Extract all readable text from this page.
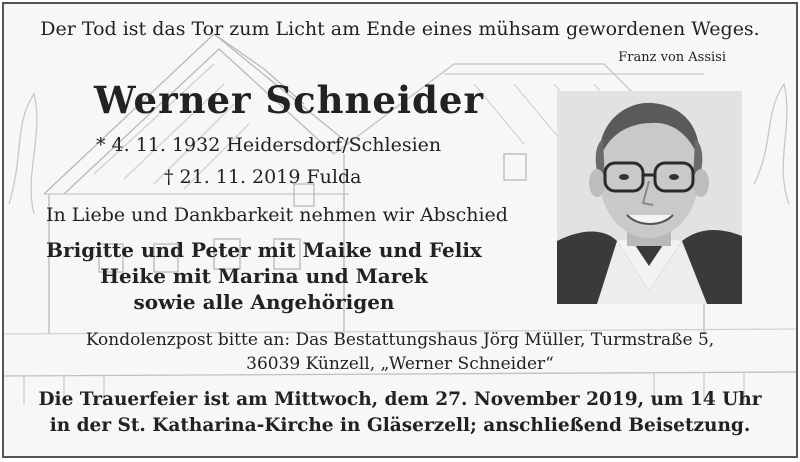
Der Tod ist das Tor zum Licht am Ende eines mühsam gewordenen Weges.
Franz von Assisi
Werner Schneider
* 4. 11. 1932 Heidersdorf/Schlesien
† 21. 11. 2019 Fulda
In Liebe und Dankbarkeit nehmen wir Abschied
Brigitte und Peter mit Maike und Felix
Heike mit Marina und Marek
sowie alle Angehörigen
Kondolenzpost bitte an: Das Bestattungshaus Jörg Müller, Turmstraße 5,
36039 Künzell, „Werner Schneider“
Die Trauerfeier ist am Mittwoch, dem 27. November 2019, um 14 Uhr
in der St. Katharina-Kirche in Gläserzell; anschließend Beisetzung.
